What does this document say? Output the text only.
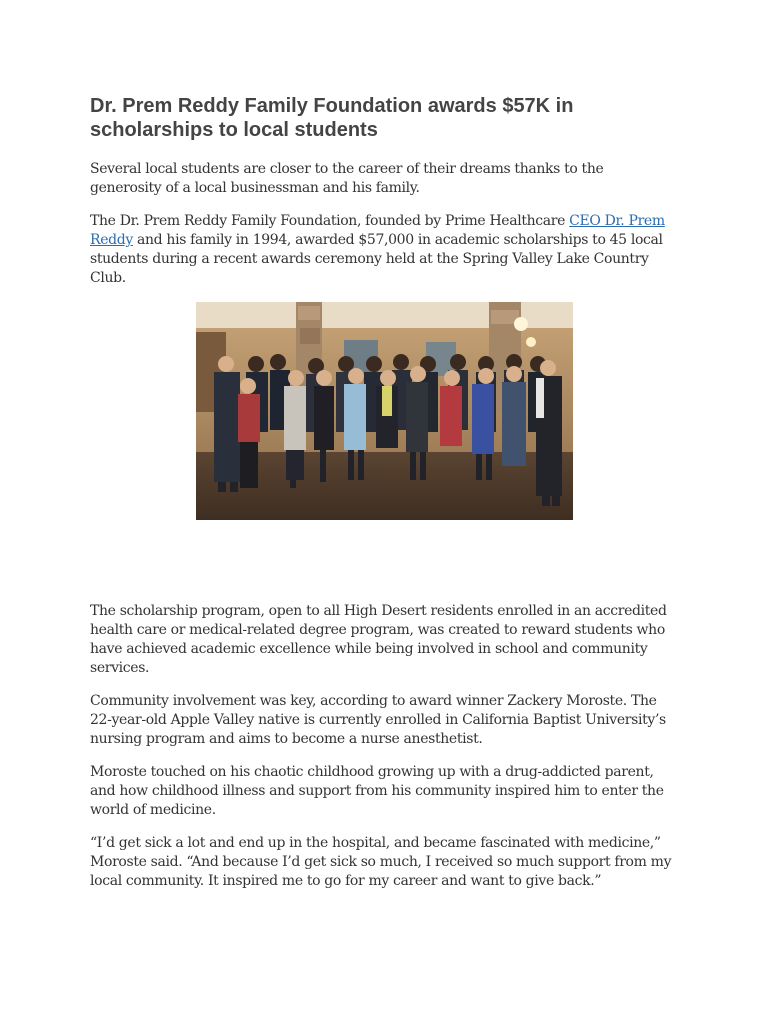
Dr. Prem Reddy Family Foundation awards $57K in scholarships to local students

Several local students are closer to the career of their dreams thanks to the generosity of a local businessman and his family.

The Dr. Prem Reddy Family Foundation, founded by Prime Healthcare CEO Dr. Prem Reddy and his family in 1994, awarded $57,000 in academic scholarships to 45 local students during a recent awards ceremony held at the Spring Valley Lake Country Club.

The scholarship program, open to all High Desert residents enrolled in an accredited health care or medical-related degree program, was created to reward students who have achieved academic excellence while being involved in school and community services.

Community involvement was key, according to award winner Zackery Moroste. The 22-year-old Apple Valley native is currently enrolled in California Baptist University’s nursing program and aims to become a nurse anesthetist.

Moroste touched on his chaotic childhood growing up with a drug-addicted parent, and how childhood illness and support from his community inspired him to enter the world of medicine.

“I’d get sick a lot and end up in the hospital, and became fascinated with medicine,” Moroste said. “And because I’d get sick so much, I received so much support from my local community. It inspired me to go for my career and want to give back.”
